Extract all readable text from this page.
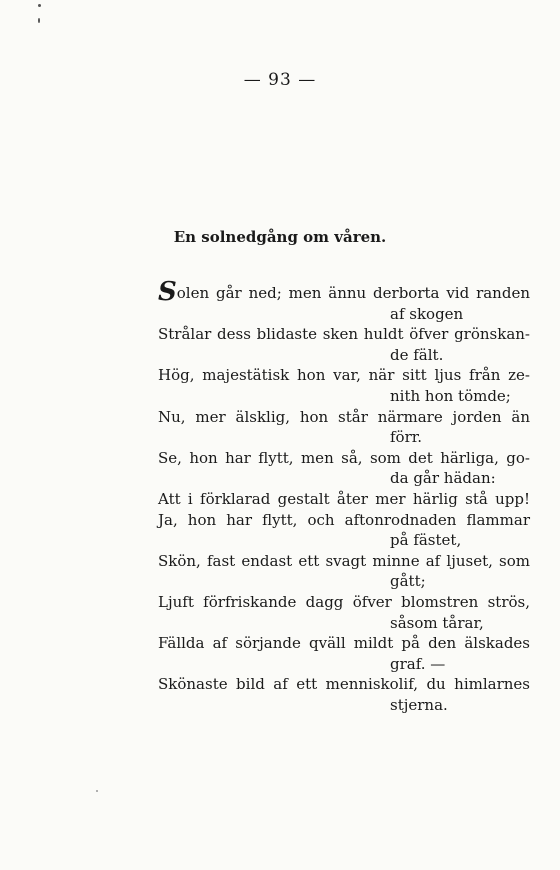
— 93 —
En solnedgång om våren.

Solen går ned; men ännu derborta vid randen

af skogen

Strålar dess blidaste sken huldt öfver grönskan-

de fält.

Hög, majestätisk hon var, när sitt ljus från ze-

nith hon tömde;

Nu, mer älsklig, hon står närmare jorden än

förr.

Se, hon har flytt, men så, som det härliga, go-

da går hädan:

Att i förklarad gestalt åter mer härlig stå upp!

Ja, hon har flytt, och aftonrodnaden flammar

på fästet,

Skön, fast endast ett svagt minne af ljuset, som

gått;

Ljuft förfriskande dagg öfver blomstren strös,

såsom tårar,

Fällda af sörjande qväll mildt på den älskades

graf. —

Skönaste bild af ett menniskolif, du himlarnes

stjerna.
